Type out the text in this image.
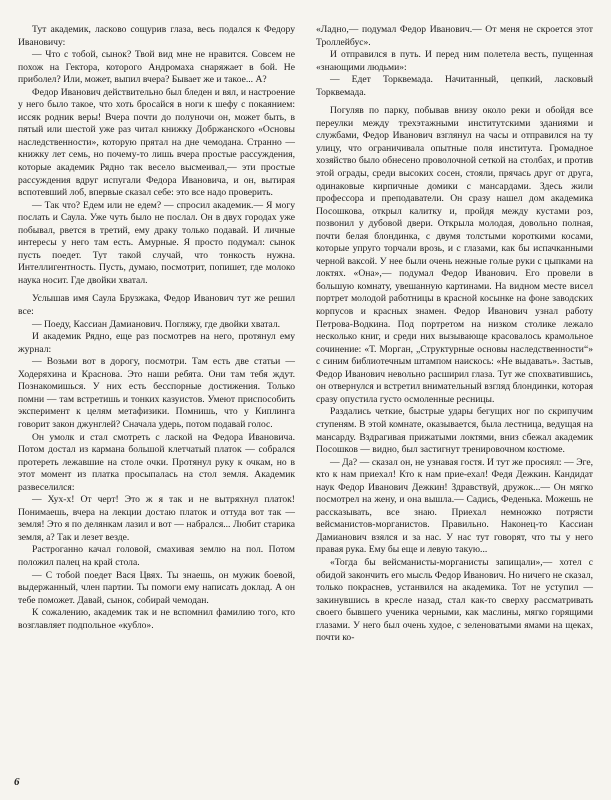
Тут академик, ласково сощурив глаза, весь подался к Федору Ивановичу:

— Что с тобой, сынок? Твой вид мне не нравится. Совсем не похож на Гектора, которого Андромаха снаряжает в бой. Не приболел? Или, может, выпил вчера? Бывает же и такое... А?

Федор Иванович действительно был бледен и вял, и настроение у него было такое, что хоть бросайся в ноги к шефу с покаянием: иссяк родник веры! Вчера почти до полуночи он, может быть, в пятый или шестой уже раз читал книжку Добржанского «Основы наследственности», которую прятал на дне чемодана. Странно — книжку лет семь, но почему-то лишь вчера простые рассуждения, которые академик Рядно так весело высмеивал,— эти простые рассуждения вдруг испугали Федора Ивановича, и он, вытирая вспотевший лоб, впервые сказал себе: это все надо проверить.

— Так что? Едем или не едем? — спросил академик.— Я могу послать и Саула. Уже чуть было не послал. Он в двух городах уже побывал, рвется в третий, ему драку только подавай. И личные интересы у него там есть. Амурные. Я просто подумал: сынок пусть поедет. Тут такой случай, что тонкость нужна. Интеллигентность. Пусть, думаю, посмотрит, попишет, где молоко наука носит. Где двойки хватал.

Услышав имя Саула Брузжака, Федор Иванович тут же решил все:

— Поеду, Кассиан Дамианович. Погляжу, где двойки хватал.

И академик Рядно, еще раз посмотрев на него, протянул ему журнал:

— Возьми вот в дорогу, посмотри. Там есть две статьи — Ходеряхина и Краснова. Это наши ребята. Они там тебя ждут. Познакомишься. У них есть бесспорные достижения. Только помни — там встретишь и тонких казуистов. Умеют приспособить эксперимент к целям метафизики. Помнишь, что у Киплинга говорит закон джунглей? Сначала удерь, потом подавай голос.

Он умолк и стал смотреть с лаской на Федора Ивановича. Потом достал из кармана большой клетчатый платок — собрался протереть лежавшие на столе очки. Протянул руку к очкам, но в этот момент из платка просыпалась на стол земля. Академик развеселился:

— Хух-х! От черт! Это ж я так и не вытряхнул платок! Понимаешь, вчера на лекции достаю платок и оттуда вот так — земля! Это я по делянкам лазил и вот — набрался... Любит старика земля, а? Так и лезет везде.

Растроганно качал головой, смахивая землю на пол. Потом положил палец на край стола.

— С тобой поедет Вася Цвях. Ты знаешь, он мужик боевой, выдержанный, член партии. Ты помоги ему написать доклад. А он тебе поможет. Давай, сынок, собирай чемодан.

К сожалению, академик так и не вспомнил фамилию того, кто возглавляет подпольное «кубло».

«Ладно,— подумал Федор Иванович.— От меня не скроется этот Троллейбус».

И отправился в путь. И перед ним полетела весть, пущенная «знающими людьми»:

— Едет Торквемада. Начитанный, цепкий, ласковый Торквемада.

Погуляв по парку, побывав внизу около реки и обойдя все переулки между трехэтажными институтскими зданиями и службами, Федор Иванович взглянул на часы и отправился на ту улицу, что ограничивала опытные поля института. Громадное хозяйство было обнесено проволочной сеткой на столбах, и против этой ограды, среди высоких сосен, стояли, прячась друг от друга, одинаковые кирпичные домики с мансардами. Здесь жили профессора и преподаватели. Он сразу нашел дом академика Посошкова, открыл калитку и, пройдя между кустами роз, позвонил у дубовой двери. Открыла молодая, довольно полная, почти белая блондинка, с двумя толстыми короткими косами, которые упруго торчали врозь, и с глазами, как бы испачканными черной ваксой. У нее были очень нежные голые руки с цыпками на локтях. «Она»,— подумал Федор Иванович. Его провели в большую комнату, увешанную картинами. На видном месте висел портрет молодой работницы в красной косынке на фоне заводских корпусов и красных знамен. Федор Иванович узнал работу Петрова-Водкина. Под портретом на низком столике лежало несколько книг, и среди них вызывающе красовалось крамольное сочинение: «Т. Морган, „Структурные основы наследственности“» с синим библиотечным штампом наискось: «Не выдавать». Застыв, Федор Иванович невольно расширил глаза. Тут же спохватившись, он отвернулся и встретил внимательный взгляд блондинки, которая сразу опустила густо осмоленные ресницы.

Раздались четкие, быстрые удары бегущих ног по скрипучим ступеням. В этой комнате, оказывается, была лестница, ведущая на мансарду. Вздрагивая прижатыми локтями, вниз сбежал академик Посошков — видно, был застигнут тренировочном костюме.

— Да? — сказал он, не узнавая гостя. И тут же просиял: — Эге, кто к нам приехал! Кто к нам прие-ехал! Федя Дежкин. Кандидат наук Федор Иванович Дежкин! Здравствуй, дружок...— Он мягко посмотрел на жену, и она вышла.— Садись, Феденька. Можешь не рассказывать, все знаю. Приехал немножко потрясти вейсманистов-морганистов. Правильно. Наконец-то Кассиан Дамианович взялся и за нас. У нас тут говорят, что ты у него правая рука. Ему бы еще и левую такую...

«Тогда бы вейсманисты-морганисты запищали»,— хотел с обидой закончить его мысль Федор Иванович. Но ничего не сказал, только покраснев, устанвился на академика. Тот не уступил — закинувшись в кресле назад, стал как-то сверху рассматривать своего бывшего ученика черными, как маслины, мягко горящими глазами. У него был очень худое, с зеленоватыми ямами на щеках, почти ко-

6
